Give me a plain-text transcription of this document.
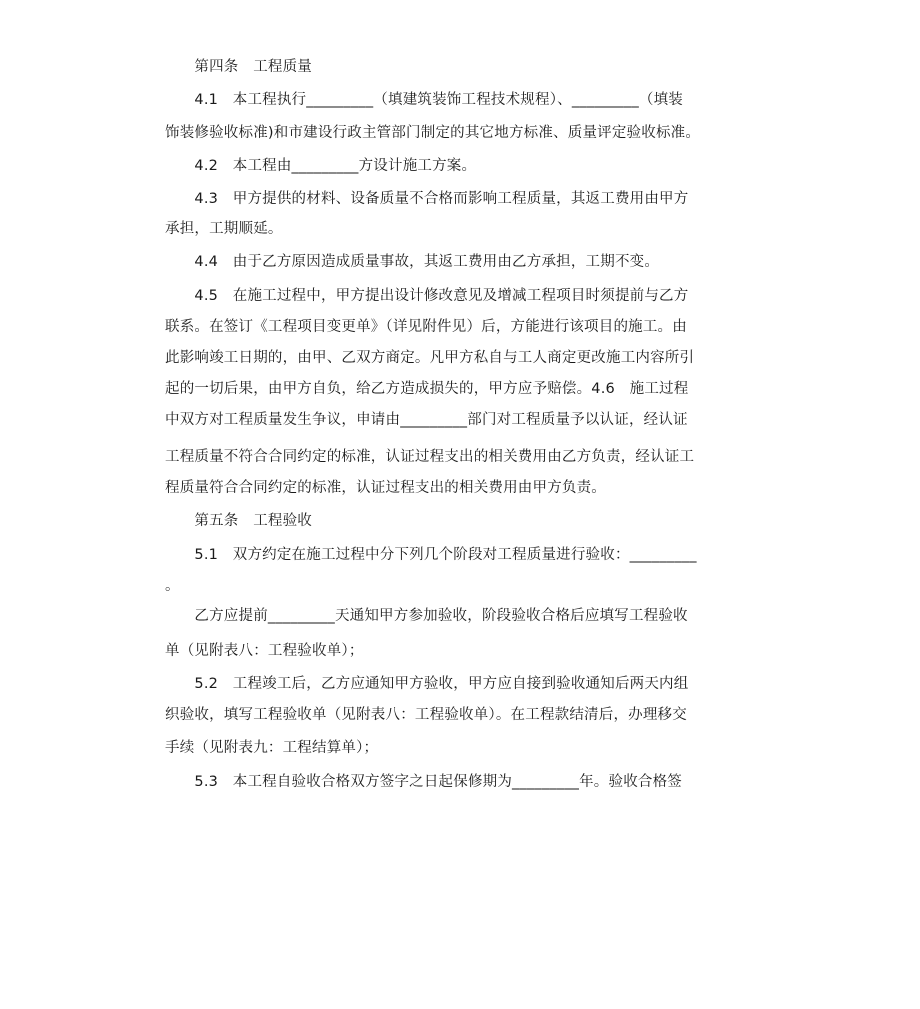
　　第四条　工程质量
　　4.1　本工程执行_________（填建筑装饰工程技术规程）、_________（填装
饰装修验收标准)和市建设行政主管部门制定的其它地方标准、质量评定验收标准。
　　4.2　本工程由_________方设计施工方案。
　　4.3　甲方提供的材料、设备质量不合格而影响工程质量，其返工费用由甲方
承担，工期顺延。
　　4.4　由于乙方原因造成质量事故，其返工费用由乙方承担，工期不变。
　　4.5　在施工过程中，甲方提出设计修改意见及增减工程项目时须提前与乙方
联系。在签订《工程项目变更单》（详见附件见）后，方能进行该项目的施工。由
此影响竣工日期的，由甲、乙双方商定。凡甲方私自与工人商定更改施工内容所引
起的一切后果，由甲方自负，给乙方造成损失的，甲方应予赔偿。4.6　施工过程
中双方对工程质量发生争议，申请由_________部门对工程质量予以认证，经认证
工程质量不符合合同约定的标准，认证过程支出的相关费用由乙方负责，经认证工
程质量符合合同约定的标准，认证过程支出的相关费用由甲方负责。
　　第五条　工程验收
　　5.1　双方约定在施工过程中分下列几个阶段对工程质量进行验收：_________
。
　　乙方应提前_________天通知甲方参加验收，阶段验收合格后应填写工程验收
单（见附表八：工程验收单）；
　　5.2　工程竣工后，乙方应通知甲方验收，甲方应自接到验收通知后两天内组
织验收，填写工程验收单（见附表八：工程验收单）。在工程款结清后，办理移交
手续（见附表九：工程结算单）；
　　5.3　本工程自验收合格双方签字之日起保修期为_________年。验收合格签
